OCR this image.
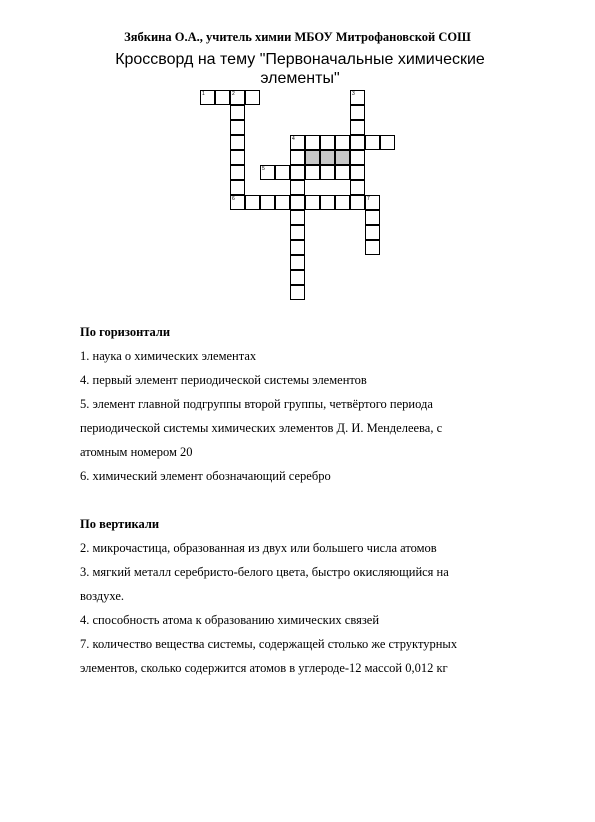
Зябкина О.А., учитель химии МБОУ Митрофановской СОШ
Кроссворд на тему "Первоначальные химические элементы"
1	2	3
4
5
6	7
По горизонтали
1. наука о химических элементах
4. первый элемент периодической системы элементов
5. элемент главной подгруппы второй группы, четвёртого периода
периодической системы химических элементов Д. И. Менделеева, с
атомным номером 20
6. химический элемент обозначающий серебро
По вертикали
2. микрочастица, образованная из двух или большего числа атомов
3. мягкий металл серебристо-белого цвета, быстро окисляющийся на
воздухе.
4. способность атома к образованию химических связей
7. количество вещества системы, содержащей столько же структурных
элементов, сколько содержится атомов в углероде-12 массой 0,012 кг
